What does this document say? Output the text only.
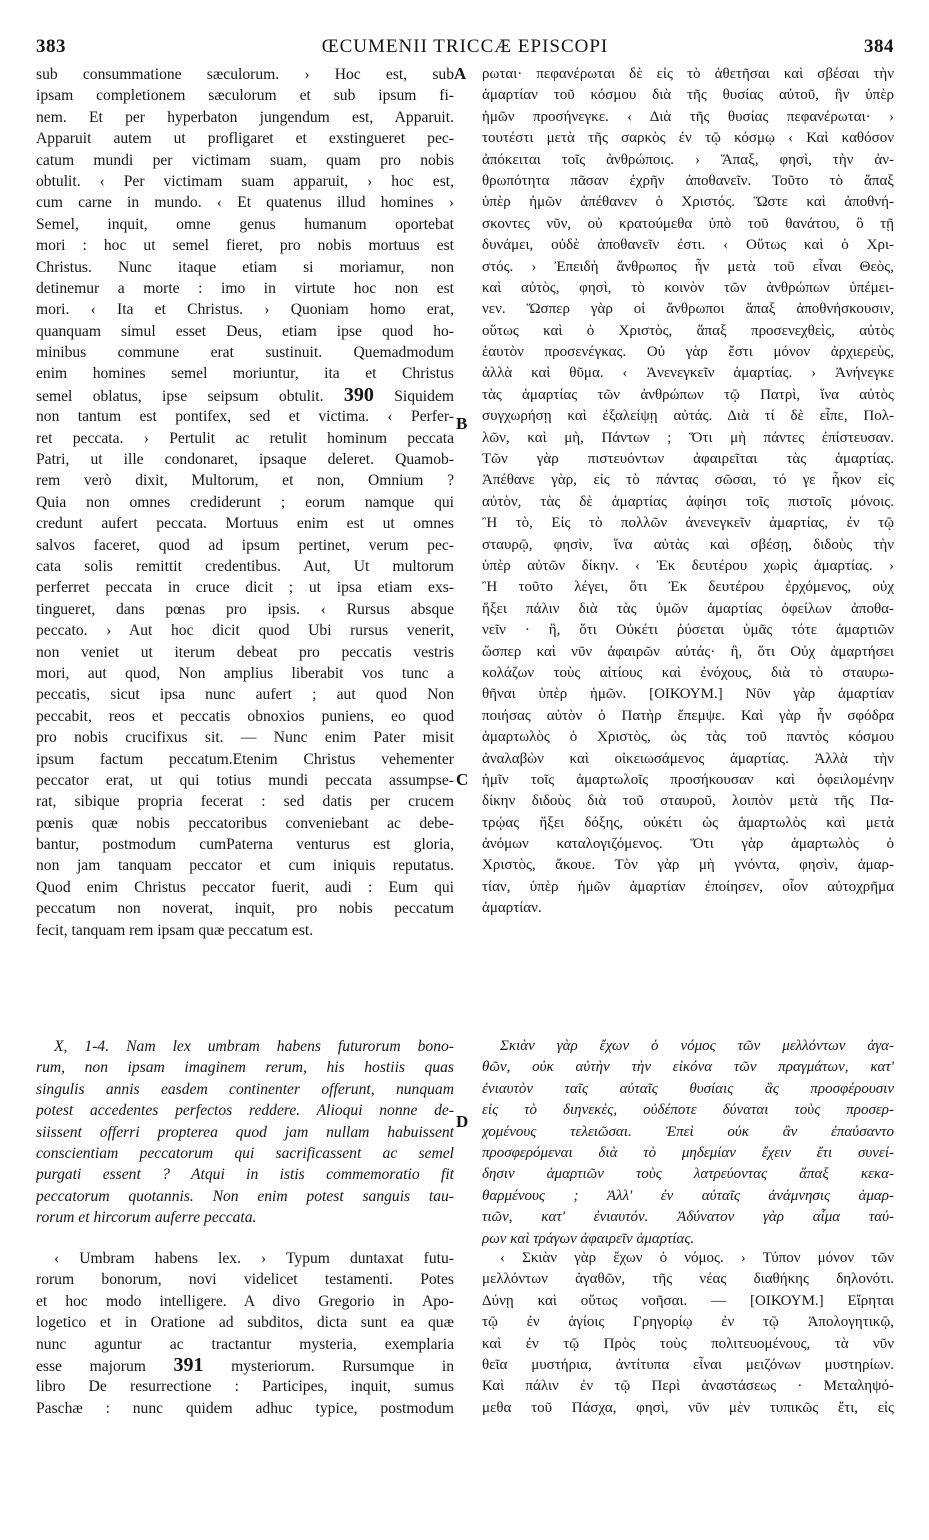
383	ŒCUMENII TRICCÆ EPISCOPI	384
A
B
C
D
sub consummatione sæculorum. › Hoc est, sub
ipsam completionem sæculorum et sub ipsum fi-
nem. Et per hyperbaton jungendum est, Apparuit.
Apparuit autem ut profligaret et exstingueret pec-
catum mundi per victimam suam, quam pro nobis
obtulit. ‹ Per victimam suam apparuit, › hoc est,
cum carne in mundo. ‹ Et quatenus illud homines ›
Semel, inquit, omne genus humanum oportebat
mori : hoc ut semel fieret, pro nobis mortuus est
Christus. Nunc itaque etiam si moriamur, non
detinemur a morte : imo in virtute hoc non est
mori. ‹ Ita et Christus. › Quoniam homo erat,
quanquam simul esset Deus, etiam ipse quod ho-
minibus commune erat sustinuit. Quemadmodum
enim homines semel moriuntur, ita et Christus
semel oblatus, ipse seipsum obtulit. 390 Siquidem
non tantum est pontifex, sed et victima. ‹ Perfer-
ret peccata. › Pertulit ac retulit hominum peccata
Patri, ut ille condonaret, ipsaque deleret. Quamob-
rem verò dixit, Multorum, et non, Omnium ?
Quia non omnes crediderunt ; eorum namque qui
credunt aufert peccata. Mortuus enim est ut omnes
salvos faceret, quod ad ipsum pertinet, verum pec-
cata solis remittit credentibus. Aut, Ut multorum
perferret peccata in cruce dicit ; ut ipsa etiam exs-
tingueret, dans pœnas pro ipsis. ‹ Rursus absque
peccato. › Aut hoc dicit quod Ubi rursus venerit,
non veniet ut iterum debeat pro peccatis vestris
mori, aut quod, Non amplius liberabit vos tunc a
peccatis, sicut ipsa nunc aufert ; aut quod Non
peccabit, reos et peccatis obnoxios puniens, eo quod
pro nobis crucifixus sit. — Nunc enim Pater misit
ipsum factum peccatum.Etenim Christus vehementer
peccator erat, ut qui totius mundi peccata assumpse-
rat, sibique propria fecerat : sed datis per crucem
pœnis quæ nobis peccatoribus conveniebant ac debe-
bantur, postmodum cumPaterna venturus est gloria,
non jam tanquam peccator et cum iniquis reputatus.
Quod enim Christus peccator fuerit, audi : Eum qui
peccatum non noverat, inquit, pro nobis peccatum
fecit, tanquam rem ipsam quæ peccatum est.
X, 1-4. Nam lex umbram habens futurorum bono-
rum, non ipsam imaginem rerum, his hostiis quas
singulis annis easdem continenter offerunt, nunquam
potest accedentes perfectos reddere. Alioqui nonne de-
siissent offerri propterea quod jam nullam habuissent
conscientiam peccatorum qui sacrificassent ac semel
purgati essent ? Atqui in istis commemoratio fit
peccatorum quotannis. Non enim potest sanguis tau-
rorum et hircorum auferre peccata.
‹ Umbram habens lex. › Typum duntaxat futu-
rorum bonorum, novi videlicet testamenti. Potes
et hoc modo intelligere. A divo Gregorio in Apo-
logetico et in Oratione ad subditos, dicta sunt ea quæ
nunc aguntur ac tractantur mysteria, exemplaria
esse majorum 391 mysteriorum. Rursumque in
libro De resurrectione : Participes, inquit, sumus
Paschæ : nunc quidem adhuc typice, postmodum
ρωται· πεφανέρωται δὲ εἰς τὸ ἀθετῆσαι καὶ σβέσαι τὴν
ἁμαρτίαν τοῦ κόσμου διὰ τῆς θυσίας αὐτοῦ, ἣν ὑπὲρ
ἡμῶν προσήνεγκε. ‹ Διὰ τῆς θυσίας πεφανέρωται· ›
τουτέστι μετὰ τῆς σαρκὸς ἐν τῷ κόσμῳ ‹ Καὶ καθόσον
ἀπόκειται τοῖς ἀνθρώποις. › Ἅπαξ, φησὶ, τὴν ἀν-
θρωπότητα πᾶσαν ἐχρῆν ἀποθανεῖν. Τοῦτο τὸ ἅπαξ
ὑπὲρ ἡμῶν ἀπέθανεν ὁ Χριστός. Ὥστε καὶ ἀποθνή-
σκοντες νῦν, οὐ κρατούμεθα ὑπὸ τοῦ θανάτου, ὃ τῇ
δυνάμει, οὐδὲ ἀποθανεῖν ἐστι. ‹ Οὕτως καὶ ὁ Χρι-
στός. › Ἐπειδὴ ἄνθρωπος ἦν μετὰ τοῦ εἶναι Θεὸς,
καὶ αὐτὸς, φησὶ, τὸ κοινὸν τῶν ἀνθρώπων ὑπέμει-
νεν. Ὥσπερ γὰρ οἱ ἄνθρωποι ἅπαξ ἀποθνήσκουσιν,
οὕτως καὶ ὁ Χριστὸς, ἅπαξ προσενεχθεὶς, αὐτὸς
ἑαυτὸν προσενέγκας. Οὐ γὰρ ἔστι μόνον ἀρχιερεὺς,
ἀλλὰ καὶ θῦμα. ‹ Ἀνενεγκεῖν ἁμαρτίας. › Ἀνήνεγκε
τὰς ἁμαρτίας τῶν ἀνθρώπων τῷ Πατρὶ, ἵνα αὐτὸς
συγχωρήσῃ καὶ ἐξαλείψῃ αὐτάς. Διὰ τί δὲ εἶπε, Πολ-
λῶν, καὶ μὴ, Πάντων ; Ὅτι μὴ πάντες ἐπίστευσαν.
Τῶν γὰρ πιστευόντων ἀφαιρεῖται τὰς ἁμαρτίας.
Ἀπέθανε γὰρ, εἰς τὸ πάντας σῶσαι, τό γε ἧκον εἰς
αὐτὸν, τὰς δὲ ἁμαρτίας ἀφίησι τοῖς πιστοῖς μόνοις.
Ἢ τὸ, Εἰς τὸ πολλῶν ἀνενεγκεῖν ἁμαρτίας, ἐν τῷ
σταυρῷ, φησὶν, ἵνα αὐτὰς καὶ σβέσῃ, διδοὺς τὴν
ὑπὲρ αὐτῶν δίκην. ‹ Ἐκ δευτέρου χωρὶς ἁμαρτίας. ›
Ἢ τοῦτο λέγει, ὅτι Ἐκ δευτέρου ἐρχόμενος, οὐχ
ἥξει πάλιν διὰ τὰς ὑμῶν ἁμαρτίας ὀφείλων ἀποθα-
νεῖν · ἢ, ὅτι Οὐκέτι ῥύσεται ὑμᾶς τότε ἁμαρτιῶν
ὥσπερ καὶ νῦν ἀφαιρῶν αὐτάς· ἢ, ὅτι Οὐχ ἁμαρτήσει
κολάζων τοὺς αἰτίους καὶ ἐνόχους, διὰ τὸ σταυρω-
θῆναι ὑπὲρ ἡμῶν. [ΟΙΚΟΥΜ.] Νῦν γὰρ ἁμαρτίαν
ποιήσας αὐτὸν ὁ Πατὴρ ἔπεμψε. Καὶ γὰρ ἦν σφόδρα
ἁμαρτωλὸς ὁ Χριστὸς, ὡς τὰς τοῦ παντὸς κόσμου
ἀναλαβὼν καὶ οἰκειωσάμενος ἁμαρτίας. Ἀλλὰ τὴν
ἡμῖν τοῖς ἁμαρτωλοῖς προσήκουσαν καὶ ὀφειλομένην
δίκην διδοὺς διὰ τοῦ σταυροῦ, λοιπὸν μετὰ τῆς Πα-
τρῴας ἥξει δόξης, οὐκέτι ὡς ἁμαρτωλὸς καὶ μετὰ
ἀνόμων καταλογιζόμενος. Ὅτι γὰρ ἁμαρτωλὸς ὁ
Χριστὸς, ἄκουε. Τὸν γὰρ μὴ γνόντα, φησὶν, ἁμαρ-
τίαν, ὑπὲρ ἡμῶν ἁμαρτίαν ἐποίησεν, οἷον αὐτοχρῆμα
ἁμαρτίαν.
Σκιὰν γὰρ ἔχων ὁ νόμος τῶν μελλόντων ἀγα-
θῶν, οὐκ αὐτὴν τὴν εἰκόνα τῶν πραγμάτων, κατ'
ἐνιαυτὸν ταῖς αὐταῖς θυσίαις ἃς προσφέρουσιν
εἰς τὸ διηνεκὲς, οὐδέποτε δύναται τοὺς προσερ-
χομένους τελειῶσαι. Ἐπεὶ οὐκ ἂν ἐπαύσαντο
προσφερόμεναι διὰ τὸ μηδεμίαν ἔχειν ἔτι συνεί-
δησιν ἁμαρτιῶν τοὺς λατρεύοντας ἅπαξ κεκα-
θαρμένους ; Ἀλλ' ἐν αὐταῖς ἀνάμνησις ἁμαρ-
τιῶν, κατ' ἐνιαυτόν. Ἀδύνατον γὰρ αἷμα ταύ-
ρων καὶ τράγων ἀφαιρεῖν ἁμαρτίας.
‹ Σκιὰν γὰρ ἔχων ὁ νόμος. › Τύπον μόνον τῶν
μελλόντων ἀγαθῶν, τῆς νέας διαθήκης δηλονότι.
Δύνῃ καὶ οὕτως νοῆσαι. — [ΟΙΚΟΥΜ.] Εἴρηται
τῷ ἐν ἁγίοις Γρηγορίῳ ἐν τῷ Ἀπολογητικῷ,
καὶ ἐν τῷ Πρὸς τοὺς πολιτευομένους, τὰ νῦν
θεῖα μυστήρια, ἀντίτυπα εἶναι μειζόνων μυστηρίων.
Καὶ πάλιν ἐν τῷ Περὶ ἀναστάσεως · Μεταληψό-
μεθα τοῦ Πάσχα, φησὶ, νῦν μὲν τυπικῶς ἔτι, εἰς
